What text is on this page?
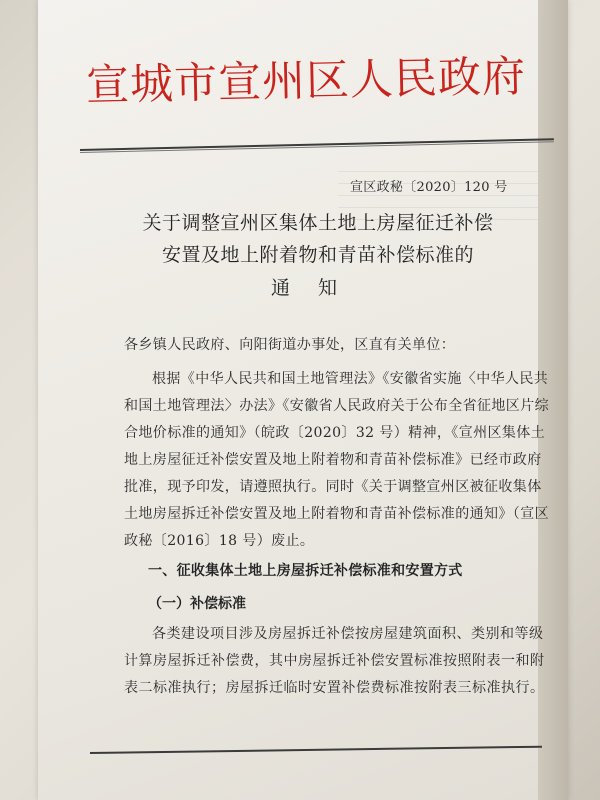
宣城市宣州区人民政府
宣区政秘〔2020〕120 号
关于调整宣州区集体土地上房屋征迁补偿
安置及地上附着物和青苗补偿标准的
通知
各乡镇人民政府、向阳街道办事处，区直有关单位：

根据《中华人民共和国土地管理法》《安徽省实施〈中华人民共和国土地管理法〉办法》《安徽省人民政府关于公布全省征地区片综合地价标准的通知》（皖政〔2020〕32 号）精神，《宣州区集体土地上房屋征迁补偿安置及地上附着物和青苗补偿标准》已经市政府批准，现予印发，请遵照执行。同时《关于调整宣州区被征收集体土地房屋拆迁补偿安置及地上附着物和青苗补偿标准的通知》（宣区政秘〔2016〕18 号）废止。

一、征收集体土地上房屋拆迁补偿标准和安置方式
（一）补偿标准

各类建设项目涉及房屋拆迁补偿按房屋建筑面积、类别和等级计算房屋拆迁补偿费，其中房屋拆迁补偿安置标准按照附表一和附表二标准执行；房屋拆迁临时安置补偿费标准按附表三标准执行。
